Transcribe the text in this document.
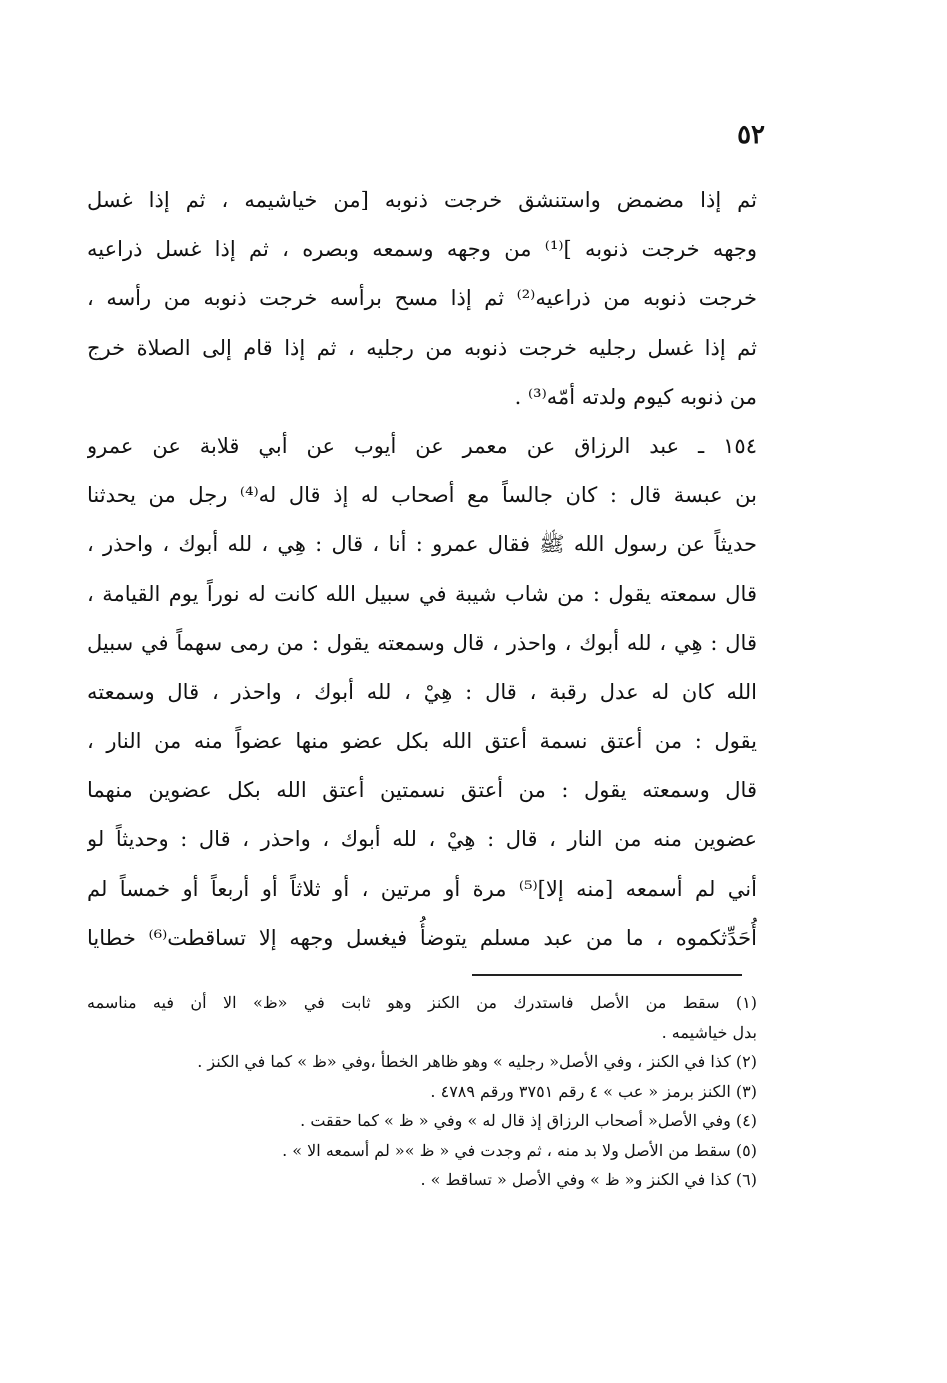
٥٢
ثم إذا مضمض واستنشق خرجت ذنوبه [من خياشيمه ، ثم إذا غسل
وجهه خرجت ذنوبه ]⁽¹⁾ من وجهه وسمعه وبصره ، ثم إذا غسل ذراعيه
خرجت ذنوبه من ذراعيه⁽²⁾ ثم إذا مسح برأسه خرجت ذنوبه من رأسه ،
ثم إذا غسل رجليه خرجت ذنوبه من رجليه ، ثم إذا قام إلى الصلاة خرج
من ذنوبه كيوم ولدته أمّه⁽³⁾ .
١٥٤ ـ عبد الرزاق عن معمر عن أيوب عن أبي قلابة عن عمرو
بن عبسة قال : كان جالساً مع أصحاب له إذ قال له⁽⁴⁾ رجل من يحدثنا
حديثاً عن رسول الله ﷺ فقال عمرو : أنا ، قال : هِي ، لله أبوك ، واحذر ،
قال سمعته يقول : من شاب شيبة في سبيل الله كانت له نوراً يوم القيامة ،
قال : هِي ، لله أبوك ، واحذر ، قال وسمعته يقول : من رمى سهماً في سبيل
الله كان له عدل رقبة ، قال : هِيْ ، لله أبوك ، واحذر ، قال وسمعته
يقول : من أعتق نسمة أعتق الله بكل عضو منها عضواً منه من النار ،
قال وسمعته يقول : من أعتق نسمتين أعتق الله بكل عضوين منهما
عضوين منه من النار ، قال : هِيْ ، لله أبوك ، واحذر ، قال : وحديثاً لو
أني لم أسمعه [منه إلا]⁽⁵⁾ مرة أو مرتين ، أو ثلاثاً أو أربعاً أو خمساً لم
أُحَدِّثكموه ، ما من عبد مسلم يتوضأُ فيغسل وجهه إلا تساقطت⁽⁶⁾ خطايا
(١) سقط من الأصل فاستدرك من الكنز وهو ثابت في «ظ» الا أن فيه مناسمه
بدل خياشيمه .
(٢) كذا في الكنز ، وفي الأصل« رجليه » وهو ظاهر الخطأ ،وفي «ظ » كما في الكنز .
(٣) الكنز برمز « عب » ٤ رقم ٣٧٥١ ورقم ٤٧٨٩ .
(٤) وفي الأصل« أصحاب الرزاق إذ قال له » وفي « ظ » كما حققت .
(٥) سقط من الأصل ولا بد منه ، ثم وجدت في « ظ »« لم أسمعه الا » .
(٦) كذا في الكنز و« ظ » وفي الأصل « تساقط » .
